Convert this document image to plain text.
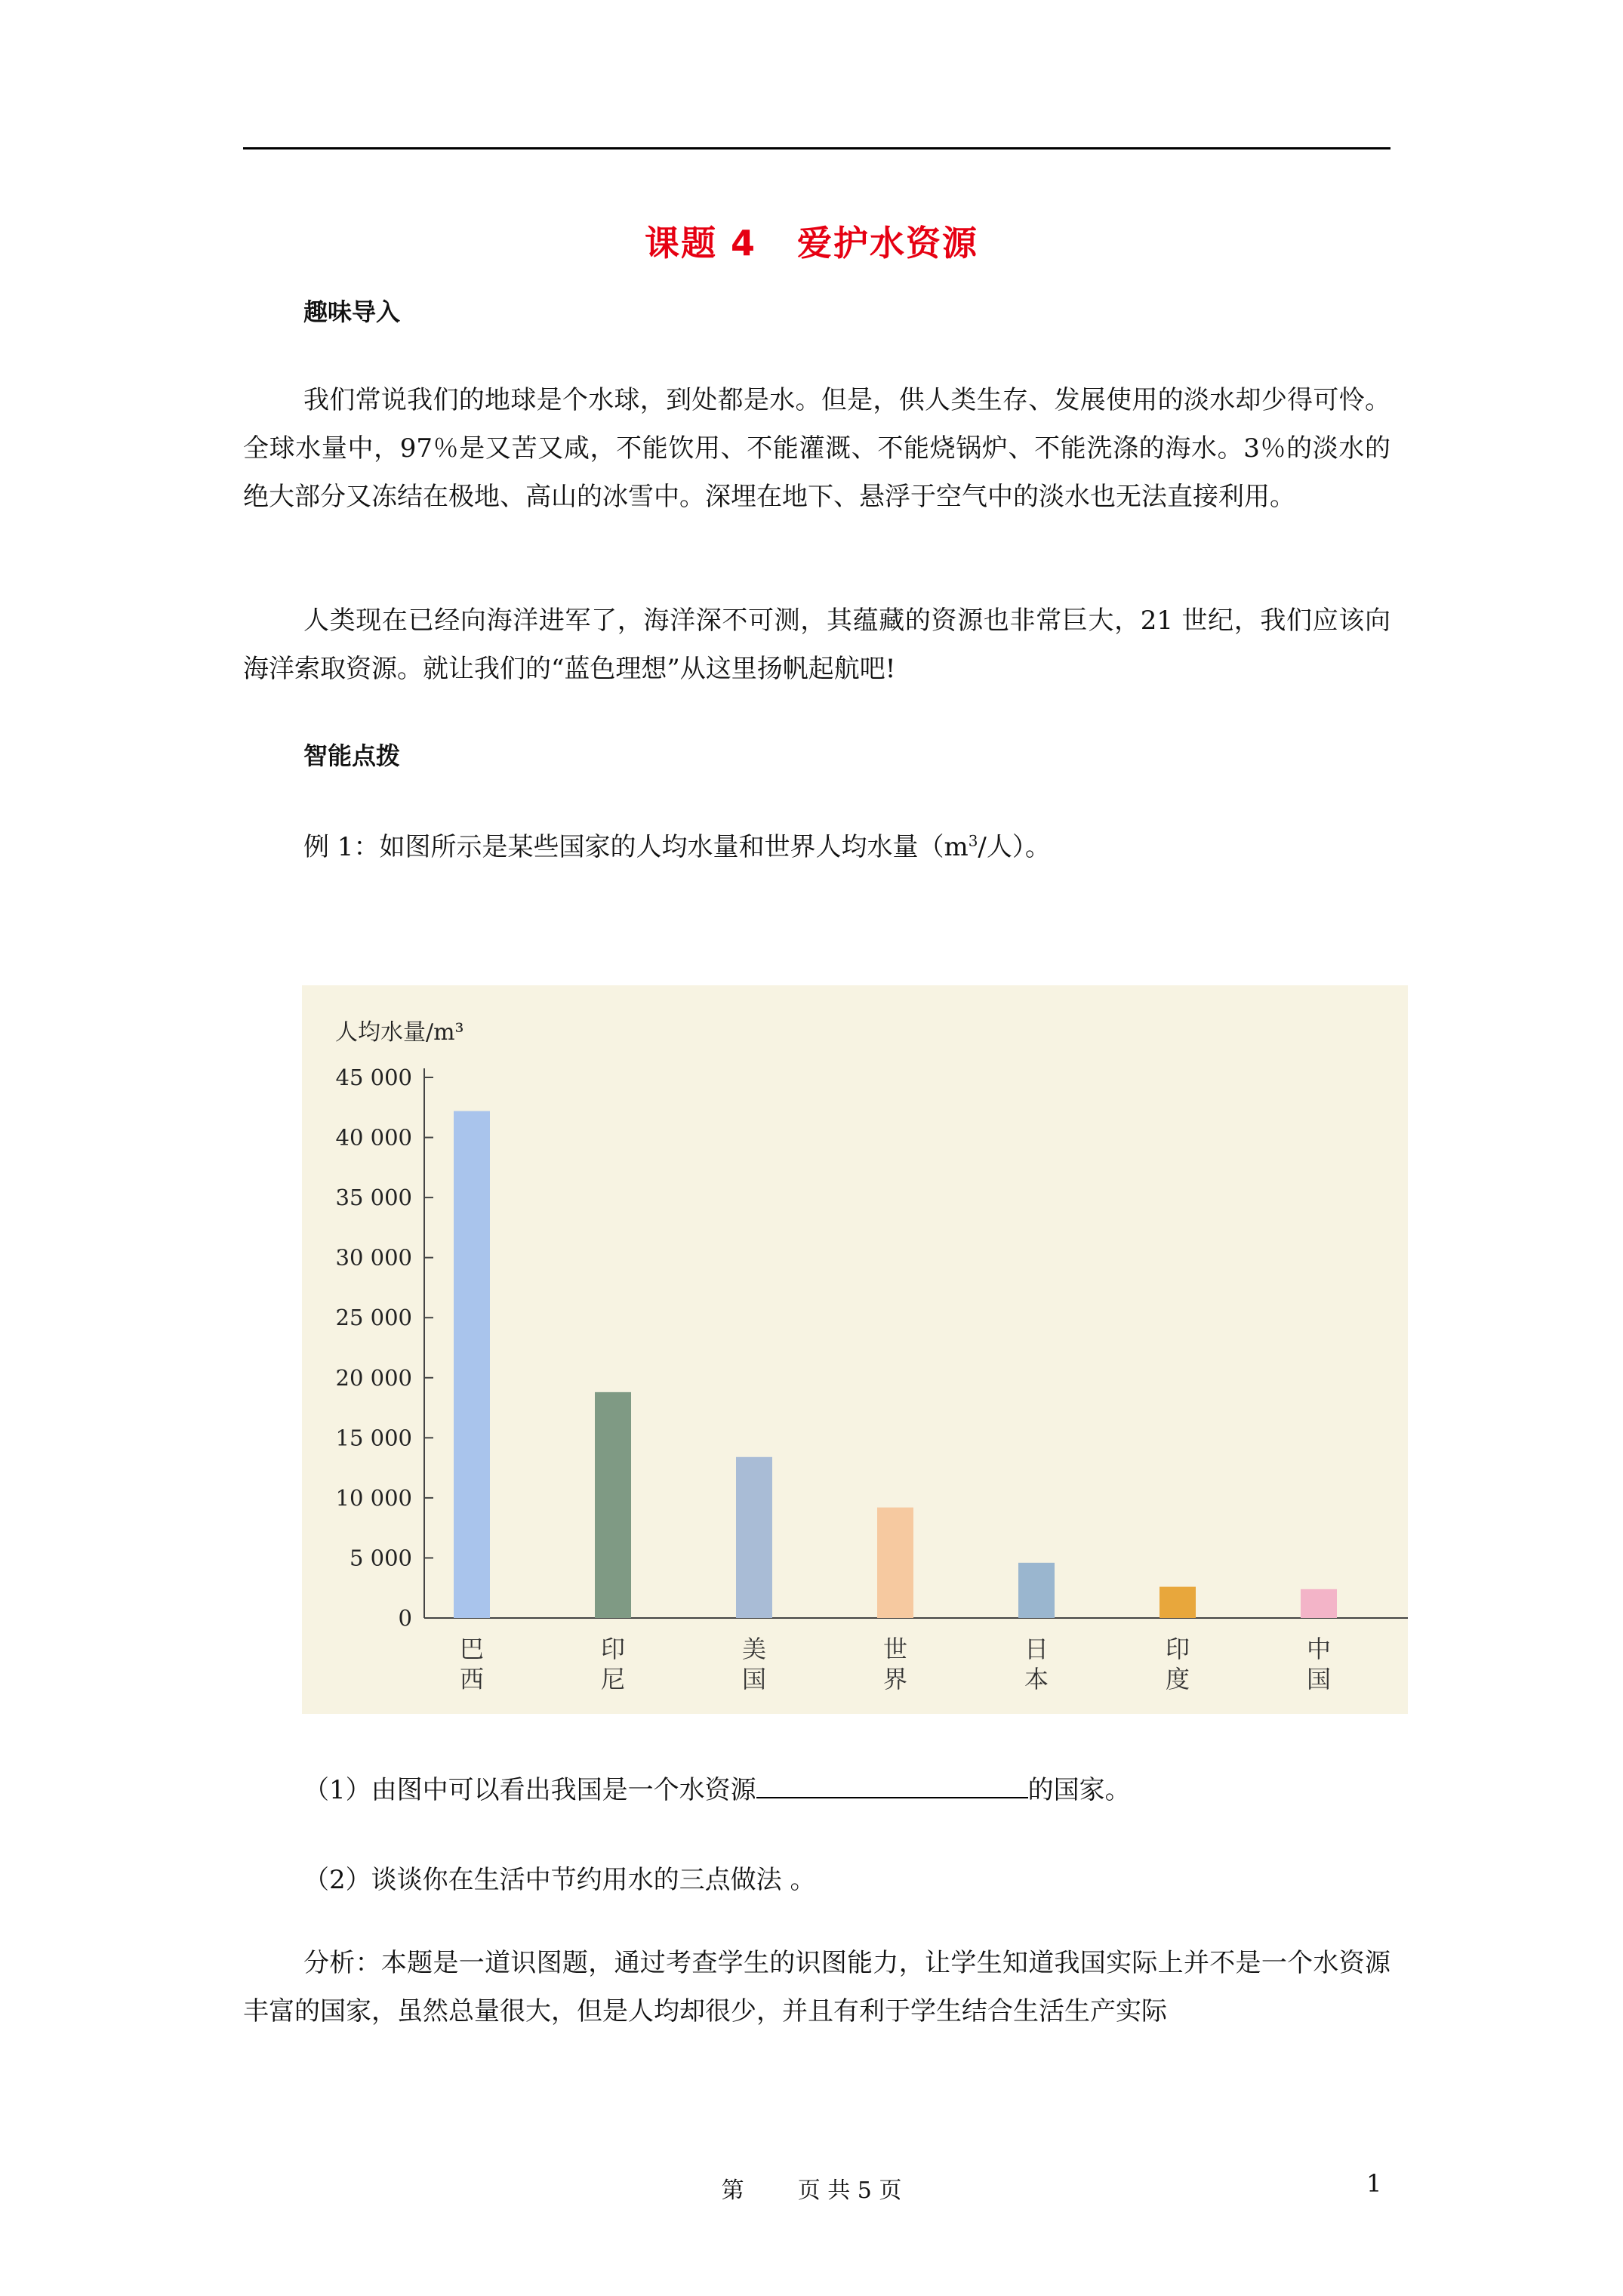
课题 4 爱护水资源
趣味导入

我们常说我们的地球是个水球，到处都是水。但是，供人类生存、发展使用的淡水却少得可怜。全球水量中，97％是又苦又咸，不能饮用、不能灌溉、不能烧锅炉、不能洗涤的海水。3％的淡水的绝大部分又冻结在极地、高山的冰雪中。深埋在地下、悬浮于空气中的淡水也无法直接利用。

人类现在已经向海洋进军了，海洋深不可测，其蕴藏的资源也非常巨大，21 世纪，我们应该向海洋索取资源。就让我们的“蓝色理想”从这里扬帆起航吧!

智能点拨
例 1：如图所示是某些国家的人均水量和世界人均水量（$m^3/$人）。
人均水量/m³
0
5 000
10 000
15 000
20 000
25 000
30 000
35 000
40 000
45 000
巴
西
印
尼
美
国
世
界
日
本
印
度
中
国
（1）由图中可以看出我国是一个水资源	的国家。
（2）谈谈你在生活中节约用水的三点做法 。

分析：本题是一道识图题，通过考查学生的识图能力，让学生知道我国实际上并不是一个水资源丰富的国家，虽然总量很大，但是人均却很少，并且有利于学生结合生活生产实际

第 页 共 5 页	1
